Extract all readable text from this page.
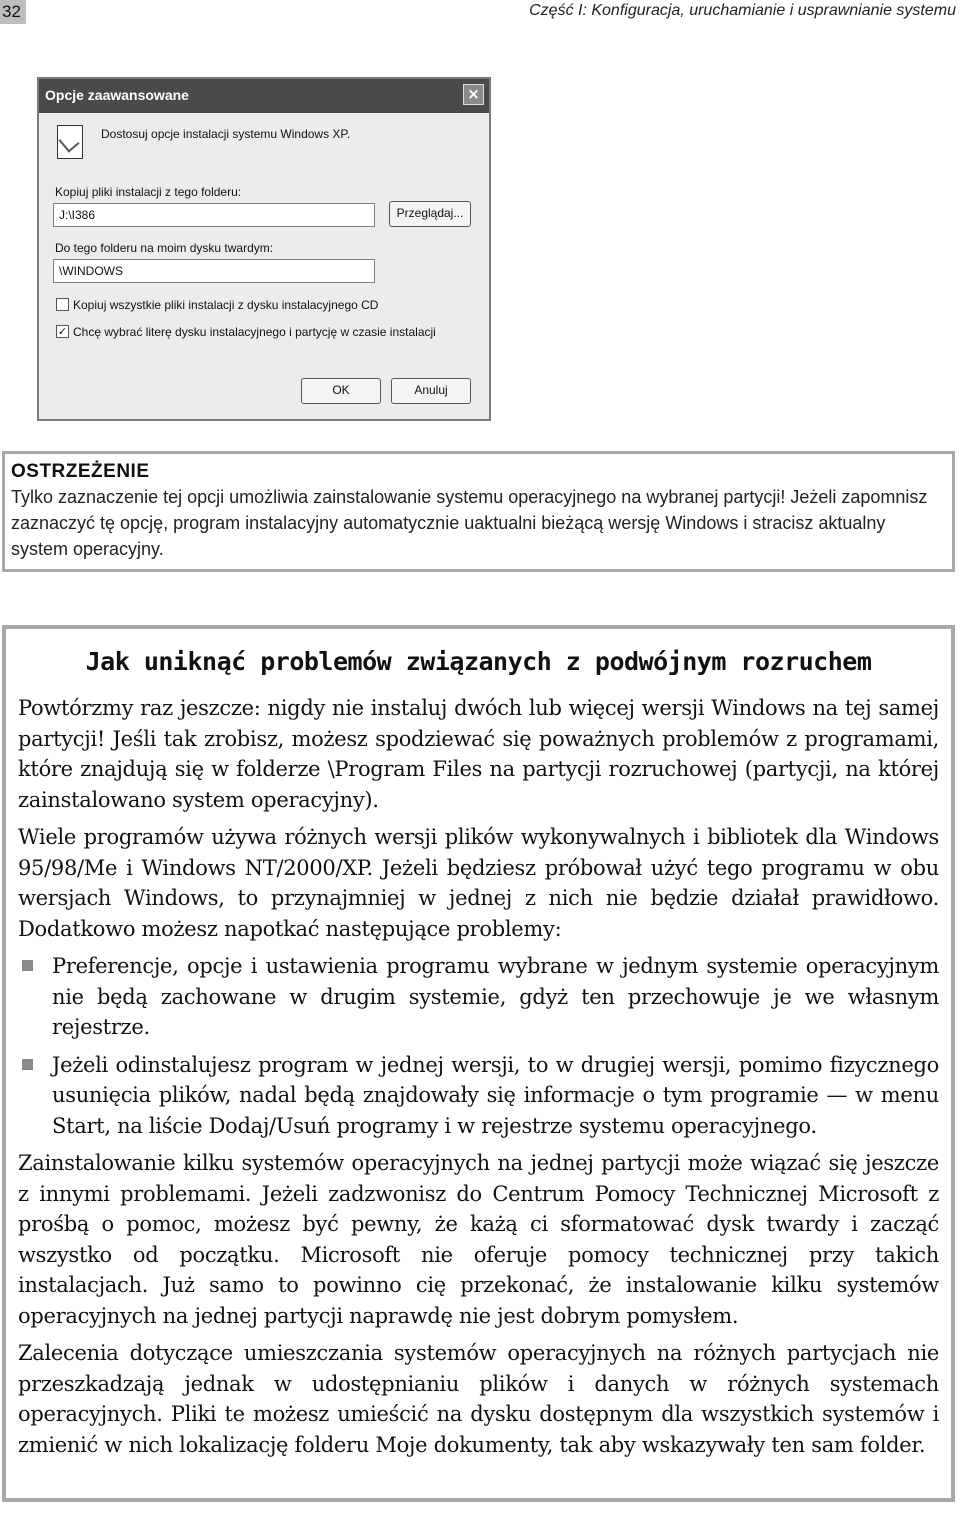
32	Część I: Konfiguracja, uruchamianie i usprawnianie systemu
Opcje zaawansowane	×
Dostosuj opcje instalacji systemu Windows XP.
Kopiuj pliki instalacji z tego folderu:
J:\I386	Przeglądaj...
Do tego folderu na moim dysku twardym:
\WINDOWS
Kopiuj wszystkie pliki instalacji z dysku instalacyjnego CD
✓ Chcę wybrać literę dysku instalacyjnego i partycję w czasie instalacji
OK	Anuluj
OSTRZEŻENIE

Tylko zaznaczenie tej opcji umożliwia zainstalowanie systemu operacyjnego na wybranej partycji! Jeżeli zapomnisz zaznaczyć tę opcję, program instalacyjny automatycznie uaktualni bieżącą wersję Windows i stracisz aktualny system operacyjny.

Jak uniknąć problemów związanych z podwójnym rozruchem

Powtórzmy raz jeszcze: nigdy nie instaluj dwóch lub więcej wersji Windows na tej samej partycji! Jeśli tak zrobisz, możesz spodziewać się poważnych problemów z programami, które znajdują się w folderze \Program Files na partycji rozruchowej (partycji, na której zainstalowano system operacyjny).

Wiele programów używa różnych wersji plików wykonywalnych i bibliotek dla Windows 95/98/Me i Windows NT/2000/XP. Jeżeli będziesz próbował użyć tego programu w obu wersjach Windows, to przynajmniej w jednej z nich nie będzie działał prawidłowo. Dodatkowo możesz napotkać następujące problemy:

Preferencje, opcje i ustawienia programu wybrane w jednym systemie operacyjnym nie będą zachowane w drugim systemie, gdyż ten przechowuje je we własnym rejestrze.
Jeżeli odinstalujesz program w jednej wersji, to w drugiej wersji, pomimo fizycznego usunięcia plików, nadal będą znajdowały się informacje o tym programie — w menu Start, na liście Dodaj/Usuń programy i w rejestrze systemu operacyjnego.

Zainstalowanie kilku systemów operacyjnych na jednej partycji może wiązać się jeszcze z innymi problemami. Jeżeli zadzwonisz do Centrum Pomocy Technicznej Microsoft z prośbą o pomoc, możesz być pewny, że każą ci sformatować dysk twardy i zacząć wszystko od początku. Microsoft nie oferuje pomocy technicznej przy takich instalacjach. Już samo to powinno cię przekonać, że instalowanie kilku systemów operacyjnych na jednej partycji naprawdę nie jest dobrym pomysłem.

Zalecenia dotyczące umieszczania systemów operacyjnych na różnych partycjach nie przeszkadzają jednak w udostępnianiu plików i danych w różnych systemach operacyjnych. Pliki te możesz umieścić na dysku dostępnym dla wszystkich systemów i zmienić w nich lokalizację folderu Moje dokumenty, tak aby wskazywały ten sam folder.
